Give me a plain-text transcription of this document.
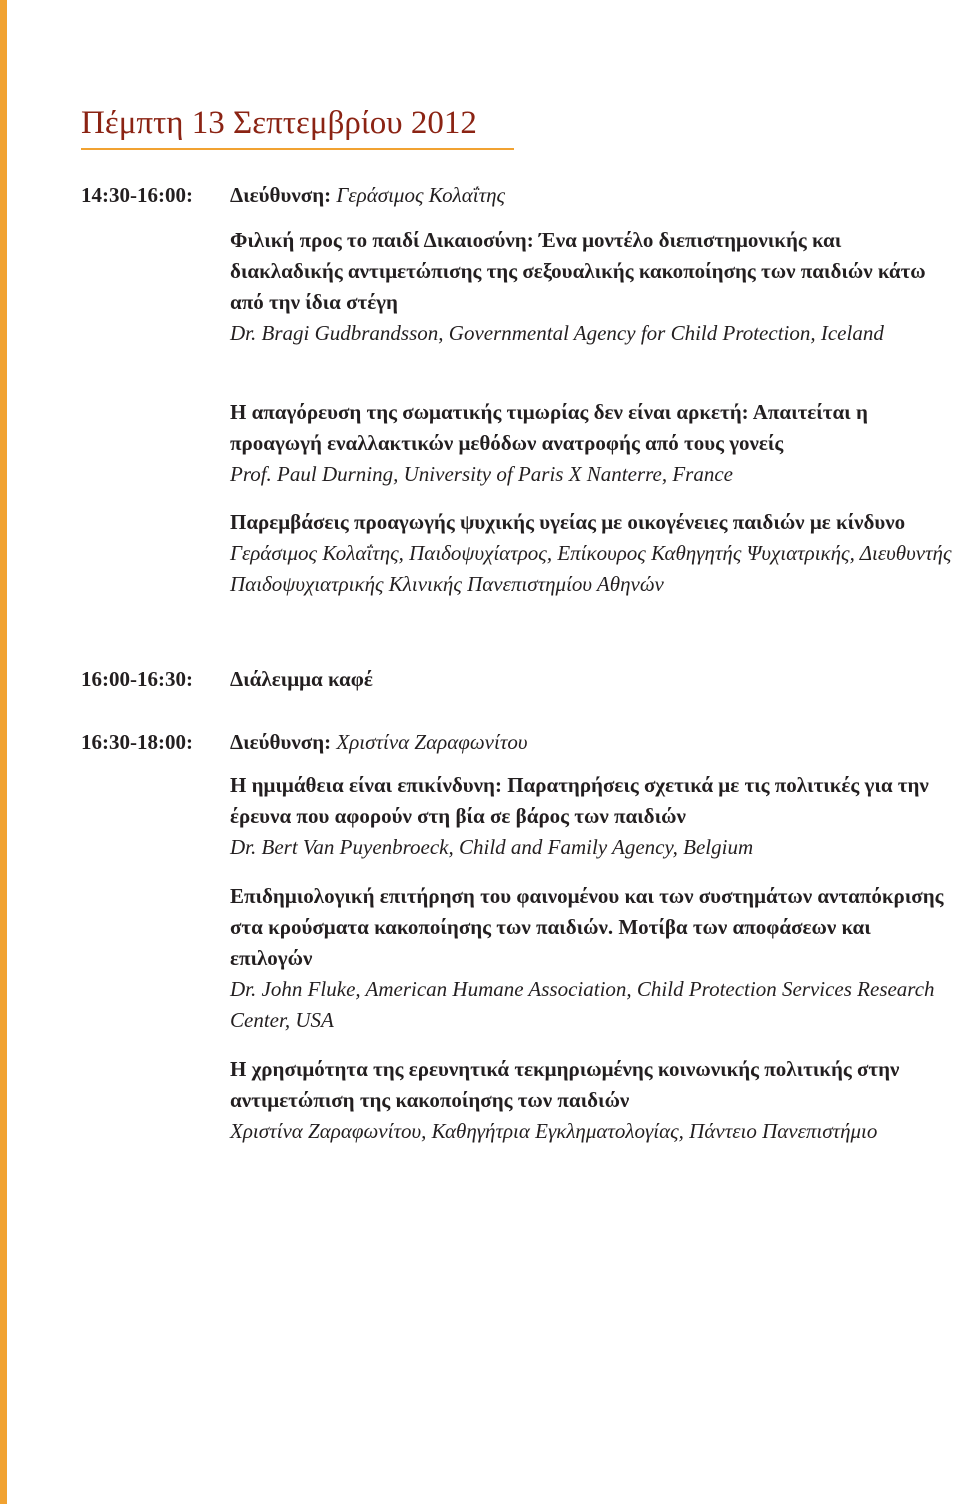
Πέμπτη 13 Σεπτεμβρίου 2012
14:30-16:00: Διεύθυνση: Γεράσιμος Κολαΐτης

Φιλική προς το παιδί Δικαιοσύνη: Ένα μοντέλο διεπιστημονικής και διακλαδικής αντιμετώπισης της σεξουαλικής κακοποίησης των παιδιών κάτω από την ίδια στέγη

Dr. Bragi Gudbrandsson, Governmental Agency for Child Protection, Iceland

Η απαγόρευση της σωματικής τιμωρίας δεν είναι αρκετή: Απαιτείται η προαγωγή εναλλακτικών μεθόδων ανατροφής από τους γονείς

Prof. Paul Durning, University of Paris X Nanterre, France

Παρεμβάσεις προαγωγής ψυχικής υγείας με οικογένειες παιδιών με κίνδυνο

Γεράσιμος Κολαΐτης, Παιδοψυχίατρος, Επίκουρος Καθηγητής Ψυχιατρικής, Διευθυντής Παιδοψυχιατρικής Κλινικής Πανεπιστημίου Αθηνών

16:00-16:30: Διάλειμμα καφέ
16:30-18:00: Διεύθυνση: Χριστίνα Ζαραφωνίτου

Η ημιμάθεια είναι επικίνδυνη: Παρατηρήσεις σχετικά με τις πολιτικές για την έρευνα που αφορούν στη βία σε βάρος των παιδιών

Dr. Bert Van Puyenbroeck, Child and Family Agency, Belgium

Επιδημιολογική επιτήρηση του φαινομένου και των συστημάτων ανταπόκρισης στα κρούσματα κακοποίησης των παιδιών. Μοτίβα των αποφάσεων και επιλογών

Dr. John Fluke, American Humane Association, Child Protection Services Research Center, USA

Η χρησιμότητα της ερευνητικά τεκμηριωμένης κοινωνικής πολιτικής στην αντιμετώπιση της κακοποίησης των παιδιών

Χριστίνα Ζαραφωνίτου, Καθηγήτρια Εγκληματολογίας, Πάντειο Πανεπιστήμιο
